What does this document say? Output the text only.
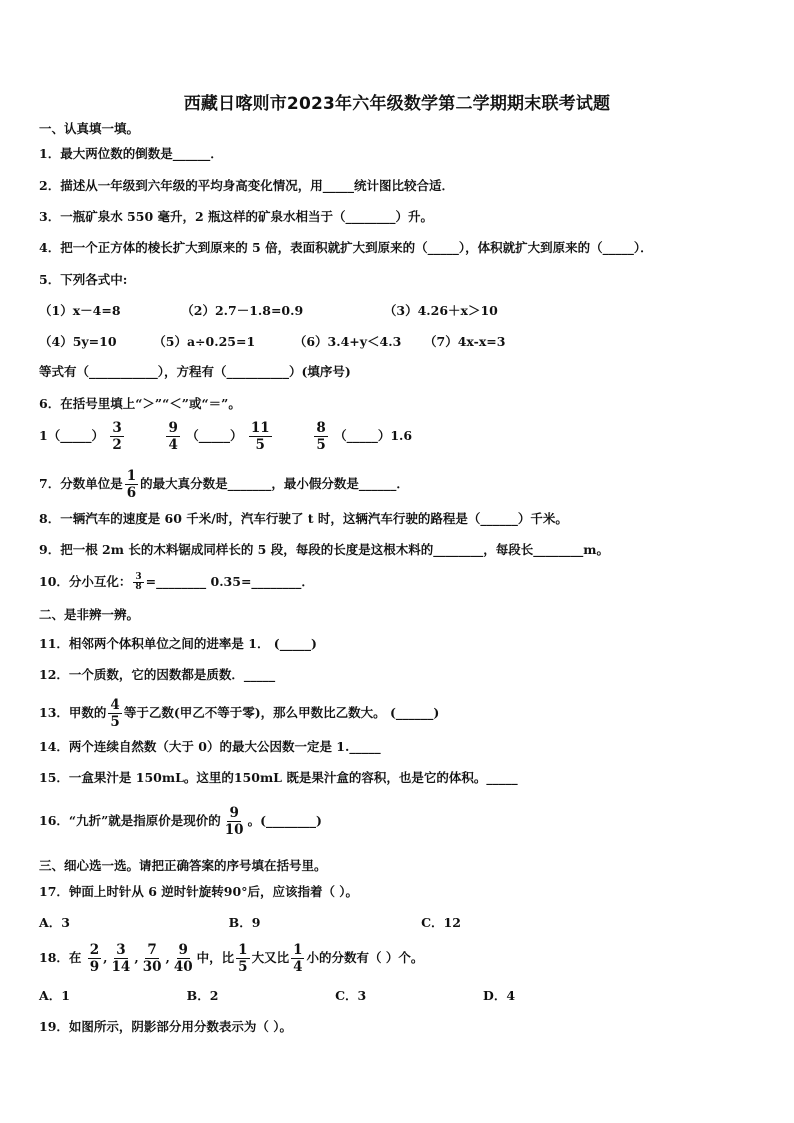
西藏日喀则市2023年六年级数学第二学期期末联考试题
一、认真填一填。
1．最大两位数的倒数是______．
2．描述从一年级到六年级的平均身高变化情况，用_____统计图比较合适．
3．一瓶矿泉水 550 毫升，2 瓶这样的矿泉水相当于（________）升。
4．把一个正方体的棱长扩大到原来的 5 倍，表面积就扩大到原来的（_____），体积就扩大到原来的（_____）．
5．下列各式中:
（1）x－4=8	（2）2.7－1.8=0.9	（3）4.26＋x＞10
（4）5y=10	（5）a÷0.25=1	（6）3.4+y＜4.3 （7）4x-x=3
等式有（___________），方程有（__________）(填序号)
6．在括号里填上“＞”“＜”或“＝”。
1（_____） $\frac{3}{2}$
	$\frac{9}{4}$ （_____） $\frac{11}{5}$
	$\frac{8}{5}$ （_____）1.6
7．分数单位是 $\frac{1}{6}$ 的最大真分数是_______，最小假分数是______．
8．一辆汽车的速度是 60 千米/时，汽车行驶了 t 时，这辆汽车行驶的路程是（______）千米。
9．把一根 2m 长的木料锯成同样长的 5 段，每段的长度是这根木料的________，每段长________m。
10．分小互化： $\frac{3}{8}$ =________ 0.35=________．
二、是非辨一辨。
11．相邻两个体积单位之间的进率是 1． (_____)
12．一个质数，它的因数都是质数．_____
13．甲数的 $\frac{4}{5}$ 等于乙数(甲乙不等于零)，那么甲数比乙数大。 (______)
14．两个连续自然数（大于 0）的最大公因数一定是 1._____
15．一盒果汁是 150mL。这里的150mL 既是果汁盒的容积，也是它的体积。_____
16．“九折”就是指原价是现价的 $\frac{9}{10}$ 。(________)
三、细心选一选。请把正确答案的序号填在括号里。
17．钟面上时针从 6 逆时针旋转90°后，应该指着（ ）。
A．3	B．9	C．12
18．在 $\frac{2}{9}$ , $\frac{3}{14}$ , $\frac{7}{30}$ , $\frac{9}{40}$ 中，比 $\frac{1}{5}$ 大又比 $\frac{1}{4}$ 小的分数有（ ）个。
A．1	B．2	C．3	D．4
19．如图所示，阴影部分用分数表示为（ ）。
